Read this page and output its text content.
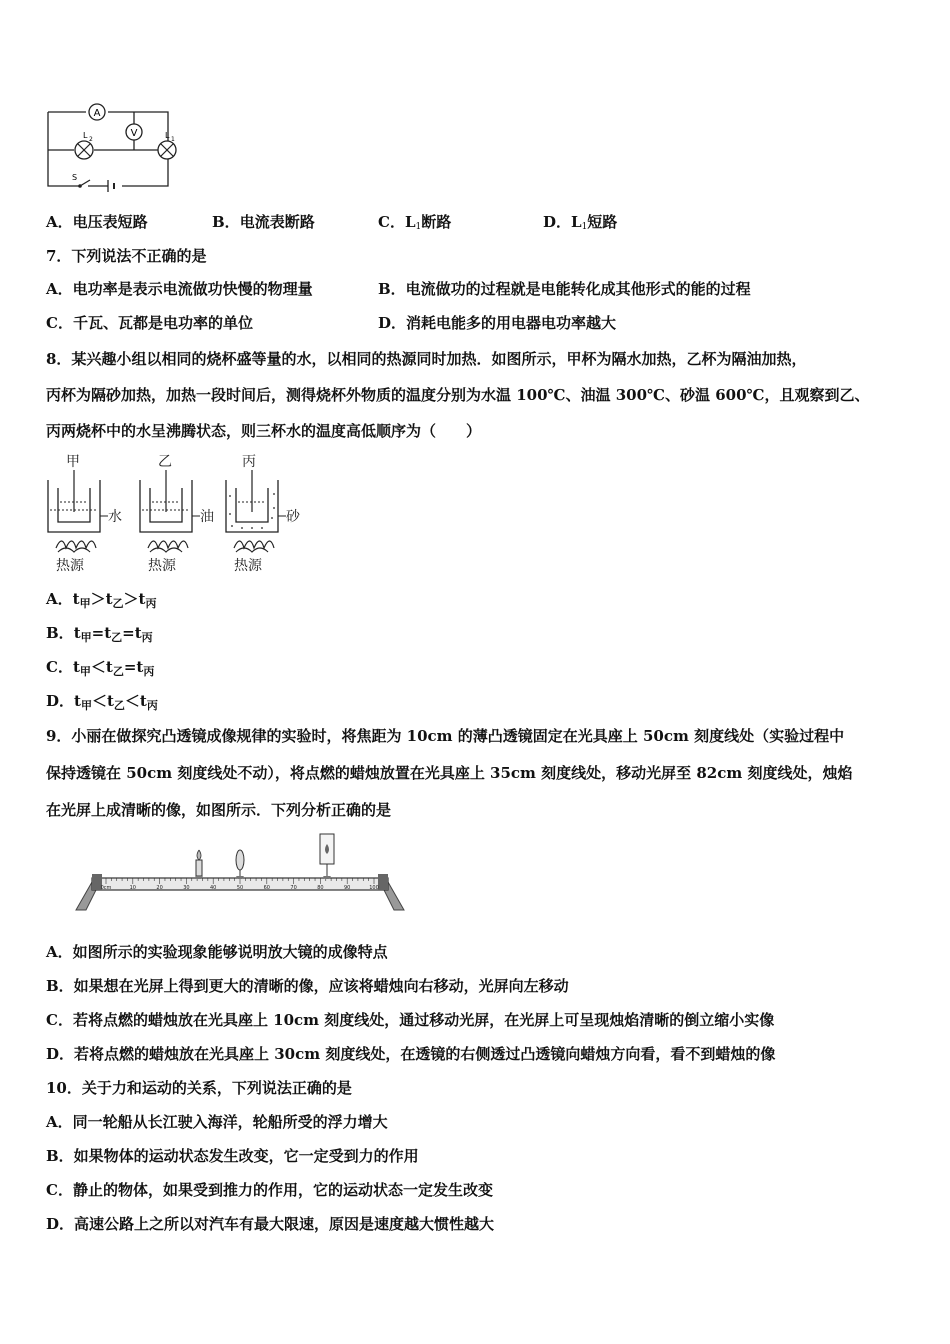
A
V
L 2	L 1
S
A．电压表短路	B．电流表断路	C．$L_1$断路	D．$L_1$短路
7．下列说法不正确的是
A．电功率是表示电流做功快慢的物理量	B．电流做功的过程就是电能转化成其他形式的能的过程
C．千瓦、瓦都是电功率的单位	D．消耗电能多的用电器电功率越大
8．某兴趣小组以相同的烧杯盛等量的水，以相同的热源同时加热．如图所示，甲杯为隔水加热，乙杯为隔油加热，
丙杯为隔砂加热，加热一段时间后，测得烧杯外物质的温度分别为水温 100℃、油温 300℃、砂温 600℃，且观察到乙、
丙两烧杯中的水呈沸腾状态，则三杯水的温度高低顺序为（　　）
甲
水
热源
乙
油
热源
丙
砂
热源
A．$t_甲>t_乙>t_丙$
B．$t_甲=t_乙=t_丙$
C．$t_甲<t_乙=t_丙$
D．$t_甲<t_乙<t_丙$
9．小丽在做探究凸透镜成像规律的实验时，将焦距为 10cm 的薄凸透镜固定在光具座上 50cm 刻度线处（实验过程中
保持透镜在 50cm 刻度线处不动），将点燃的蜡烛放置在光具座上 35cm 刻度线处，移动光屏至 82cm 刻度线处，烛焰
在光屏上成清晰的像，如图所示．下列分析正确的是
0cm	10	20	30	40	50	60	70	80	90	100
A．如图所示的实验现象能够说明放大镜的成像特点
B．如果想在光屏上得到更大的清晰的像，应该将蜡烛向右移动，光屏向左移动
C．若将点燃的蜡烛放在光具座上 10cm 刻度线处，通过移动光屏，在光屏上可呈现烛焰清晰的倒立缩小实像
D．若将点燃的蜡烛放在光具座上 30cm 刻度线处，在透镜的右侧透过凸透镜向蜡烛方向看，看不到蜡烛的像
10．关于力和运动的关系，下列说法正确的是
A．同一轮船从长江驶入海洋，轮船所受的浮力增大
B．如果物体的运动状态发生改变，它一定受到力的作用
C．静止的物体，如果受到推力的作用，它的运动状态一定发生改变
D．高速公路上之所以对汽车有最大限速，原因是速度越大惯性越大
